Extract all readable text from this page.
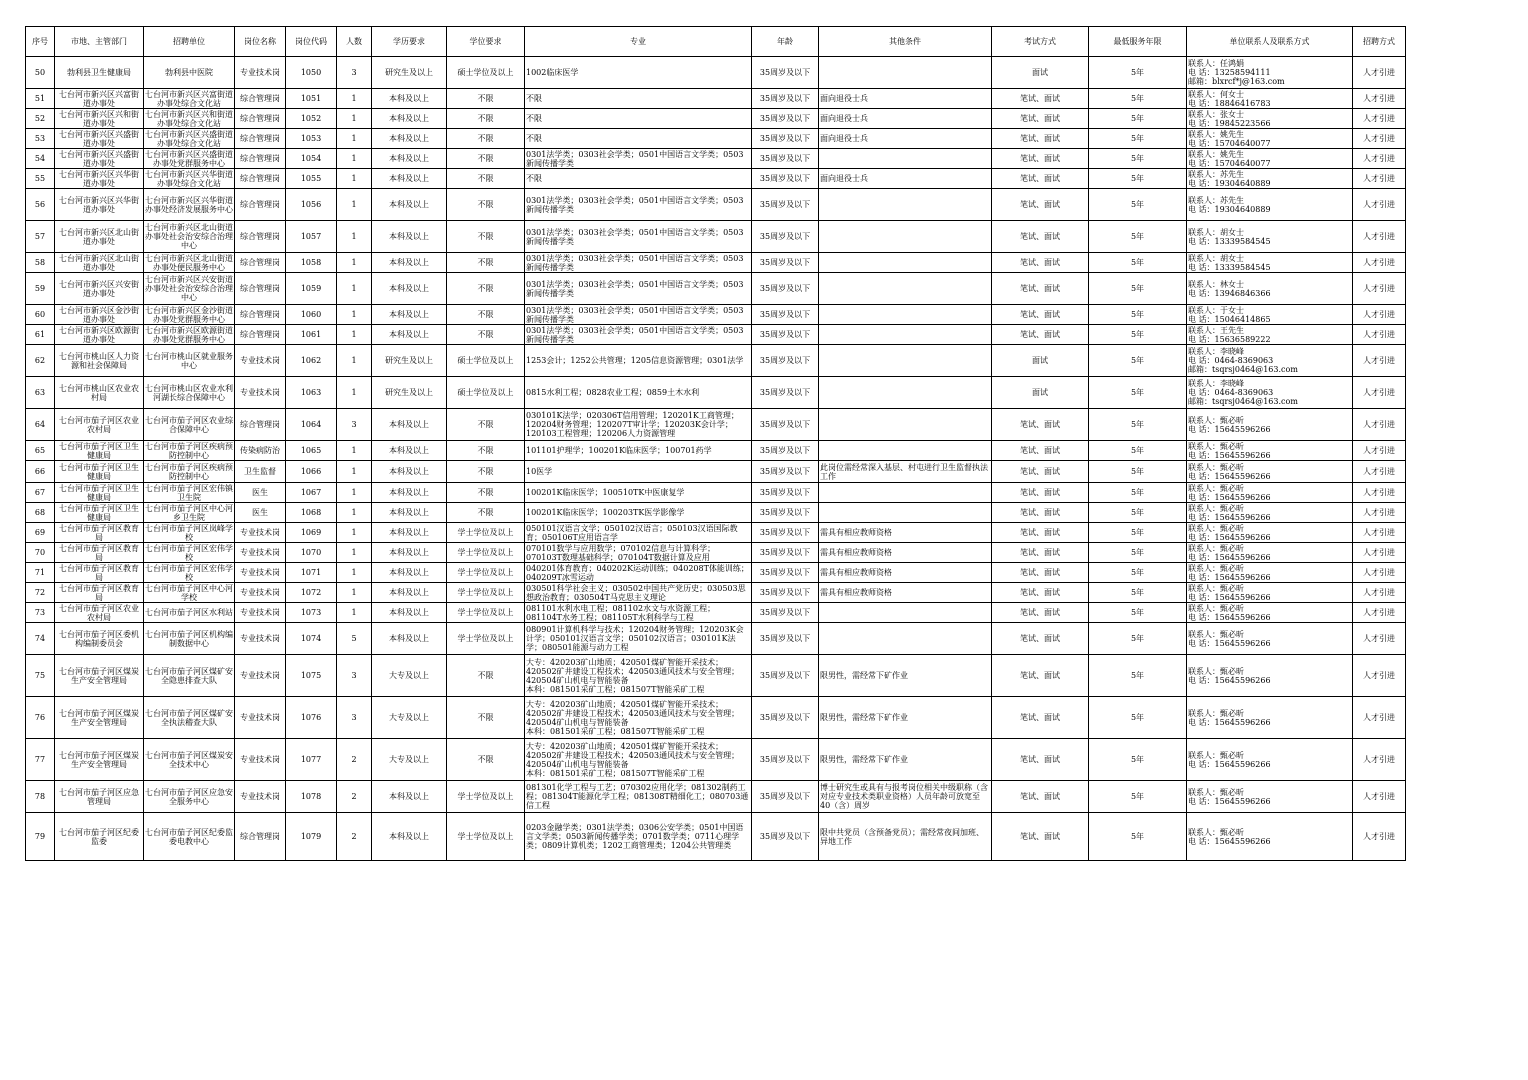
序号	市地、主管部门	招聘单位	岗位名称	岗位代码	人数	学历要求	学位要求	专业	年龄	其他条件	考试方式	最低服务年限	单位联系人及联系方式	招聘方式
50	勃利县卫生健康局	勃利县中医院	专业技术岗	1050	3	研究生及以上	硕士学位及以上	1002临床医学	35周岁及以下		面试	5年	联系人：任鸿娟
电 话：13258594111
邮箱：blxrcf*j@163.com	人才引进
51	七台河市新兴区兴富街道办事处	七台河市新兴区兴富街道办事处综合文化站	综合管理岗	1051	1	本科及以上	不限	不限	35周岁及以下	面向退役士兵	笔试、面试	5年	联系人：何女士
电 话：18846416783	人才引进
52	七台河市新兴区兴和街道办事处	七台河市新兴区兴和街道办事处综合文化站	综合管理岗	1052	1	本科及以上	不限	不限	35周岁及以下	面向退役士兵	笔试、面试	5年	联系人：张女士
电 话：19845223566	人才引进
53	七台河市新兴区兴盛街道办事处	七台河市新兴区兴盛街道办事处综合文化站	综合管理岗	1053	1	本科及以上	不限	不限	35周岁及以下	面向退役士兵	笔试、面试	5年	联系人：姚先生
电 话：15704640077	人才引进
54	七台河市新兴区兴盛街道办事处	七台河市新兴区兴盛街道办事处党群服务中心	综合管理岗	1054	1	本科及以上	不限	0301法学类；0303社会学类；0501中国语言文学类；0503新闻传播学类	35周岁及以下		笔试、面试	5年	联系人：姚先生
电 话：15704640077	人才引进
55	七台河市新兴区兴华街道办事处	七台河市新兴区兴华街道办事处综合文化站	综合管理岗	1055	1	本科及以上	不限	不限	35周岁及以下	面向退役士兵	笔试、面试	5年	联系人：苏先生
电 话：19304640889	人才引进
56	七台河市新兴区兴华街道办事处	七台河市新兴区兴华街道办事处经济发展服务中心	综合管理岗	1056	1	本科及以上	不限	0301法学类；0303社会学类；0501中国语言文学类；0503新闻传播学类	35周岁及以下		笔试、面试	5年	联系人：苏先生
电 话：19304640889	人才引进
57	七台河市新兴区北山街道办事处	七台河市新兴区北山街道办事处社会治安综合治理中心	综合管理岗	1057	1	本科及以上	不限	0301法学类；0303社会学类；0501中国语言文学类；0503新闻传播学类	35周岁及以下		笔试、面试	5年	联系人：胡女士
电 话：13339584545	人才引进
58	七台河市新兴区北山街道办事处	七台河市新兴区北山街道办事处便民服务中心	综合管理岗	1058	1	本科及以上	不限	0301法学类；0303社会学类；0501中国语言文学类；0503新闻传播学类	35周岁及以下		笔试、面试	5年	联系人：胡女士
电 话：13339584545	人才引进
59	七台河市新兴区兴安街道办事处	七台河市新兴区兴安街道办事处社会治安综合治理中心	综合管理岗	1059	1	本科及以上	不限	0301法学类；0303社会学类；0501中国语言文学类；0503新闻传播学类	35周岁及以下		笔试、面试	5年	联系人：林女士
电 话：13946846366	人才引进
60	七台河市新兴区金沙街道办事处	七台河市新兴区金沙街道办事处党群服务中心	综合管理岗	1060	1	本科及以上	不限	0301法学类；0303社会学类；0501中国语言文学类；0503新闻传播学类	35周岁及以下		笔试、面试	5年	联系人：于女士
电 话：15046414865	人才引进
61	七台河市新兴区欧源街道办事处	七台河市新兴区欧源街道办事处党群服务中心	综合管理岗	1061	1	本科及以上	不限	0301法学类；0303社会学类；0501中国语言文学类；0503新闻传播学类	35周岁及以下		笔试、面试	5年	联系人：王先生
电 话：15636589222	人才引进
62	七台河市桃山区人力资源和社会保障局	七台河市桃山区就业服务中心	专业技术岗	1062	1	研究生及以上	硕士学位及以上	1253会计；1252公共管理；1205信息资源管理；0301法学	35周岁及以下		面试	5年	联系人：李晓峰
电 话：0464-8369063
邮箱：tsqrsj0464@163.com	人才引进
63	七台河市桃山区农业农村局	七台河市桃山区农业水利河湖长综合保障中心	专业技术岗	1063	1	研究生及以上	硕士学位及以上	0815水利工程；0828农业工程；0859土木水利	35周岁及以下		面试	5年	联系人：李晓峰
电 话：0464-8369063
邮箱：tsqrsj0464@163.com	人才引进
64	七台河市茄子河区农业农村局	七台河市茄子河区农业综合保障中心	综合管理岗	1064	3	本科及以上	不限	030101K法学；020306T信用管理；120201K工商管理；120204财务管理；120207T审计学；120203K会计学；120103工程管理；120206人力资源管理	35周岁及以下		笔试、面试	5年	联系人：甄必昕
电 话：15645596266	人才引进
65	七台河市茄子河区卫生健康局	七台河市茄子河区疾病预防控制中心	传染病防治	1065	1	本科及以上	不限	101101护理学；100201K临床医学；100701药学	35周岁及以下		笔试、面试	5年	联系人：甄必昕
电 话：15645596266	人才引进
66	七台河市茄子河区卫生健康局	七台河市茄子河区疾病预防控制中心	卫生监督	1066	1	本科及以上	不限	10医学	35周岁及以下	此岗位需经常深入基层、村屯进行卫生监督执法工作	笔试、面试	5年	联系人：甄必昕
电 话：15645596266	人才引进
67	七台河市茄子河区卫生健康局	七台河市茄子河区宏伟镇卫生院	医生	1067	1	本科及以上	不限	100201K临床医学；100510TK中医康复学	35周岁及以下		笔试、面试	5年	联系人：甄必昕
电 话：15645596266	人才引进
68	七台河市茄子河区卫生健康局	七台河市茄子河区中心河乡卫生院	医生	1068	1	本科及以上	不限	100201K临床医学；100203TK医学影像学	35周岁及以下		笔试、面试	5年	联系人：甄必昕
电 话：15645596266	人才引进
69	七台河市茄子河区教育局	七台河市茄子河区岚峰学校	专业技术岗	1069	1	本科及以上	学士学位及以上	050101汉语言文学；050102汉语言；050103汉语国际教育；050106T应用语言学	35周岁及以下	需具有相应教师资格	笔试、面试	5年	联系人：甄必昕
电 话：15645596266	人才引进
70	七台河市茄子河区教育局	七台河市茄子河区宏伟学校	专业技术岗	1070	1	本科及以上	学士学位及以上	070101数学与应用数学；070102信息与计算科学；070103T数理基础科学；070104T数据计算及应用	35周岁及以下	需具有相应教师资格	笔试、面试	5年	联系人：甄必昕
电 话：15645596266	人才引进
71	七台河市茄子河区教育局	七台河市茄子河区宏伟学校	专业技术岗	1071	1	本科及以上	学士学位及以上	040201体育教育；040202K运动训练；040208T体能训练；040209T冰雪运动	35周岁及以下	需具有相应教师资格	笔试、面试	5年	联系人：甄必昕
电 话：15645596266	人才引进
72	七台河市茄子河区教育局	七台河市茄子河区中心河学校	专业技术岗	1072	1	本科及以上	学士学位及以上	030501科学社会主义；030502中国共产党历史；030503思想政治教育；030504T马克思主义理论	35周岁及以下	需具有相应教师资格	笔试、面试	5年	联系人：甄必昕
电 话：15645596266	人才引进
73	七台河市茄子河区农业农村局	七台河市茄子河区水利站	专业技术岗	1073	1	本科及以上	学士学位及以上	081101水利水电工程；081102水文与水资源工程；081104T水务工程；081105T水利科学与工程	35周岁及以下		笔试、面试	5年	联系人：甄必昕
电 话：15645596266	人才引进
74	七台河市茄子河区委机构编制委员会	七台河市茄子河区机构编制数据中心	专业技术岗	1074	5	本科及以上	学士学位及以上	080901计算机科学与技术；120204财务管理；120203K会计学；050101汉语言文学；050102汉语言；030101K法学；080501能源与动力工程	35周岁及以下		笔试、面试	5年	联系人：甄必昕
电 话：15645596266	人才引进
75	七台河市茄子河区煤炭生产安全管理局	七台河市茄子河区煤矿安全隐患排查大队	专业技术岗	1075	3	大专及以上	不限	大专：420203矿山地质；420501煤矿智能开采技术；420502矿井建设工程技术；420503通风技术与安全管理；420504矿山机电与智能装备
本科：081501采矿工程；081507T智能采矿工程	35周岁及以下	限男性，需经常下矿作业	笔试、面试	5年	联系人：甄必昕
电 话：15645596266	人才引进
76	七台河市茄子河区煤炭生产安全管理局	七台河市茄子河区煤矿安全执法稽查大队	专业技术岗	1076	3	大专及以上	不限	大专：420203矿山地质；420501煤矿智能开采技术；420502矿井建设工程技术；420503通风技术与安全管理；420504矿山机电与智能装备
本科：081501采矿工程；081507T智能采矿工程	35周岁及以下	限男性，需经常下矿作业	笔试、面试	5年	联系人：甄必昕
电 话：15645596266	人才引进
77	七台河市茄子河区煤炭生产安全管理局	七台河市茄子河区煤炭安全技术中心	专业技术岗	1077	2	大专及以上	不限	大专：420203矿山地质；420501煤矿智能开采技术；420502矿井建设工程技术；420503通风技术与安全管理；420504矿山机电与智能装备
本科：081501采矿工程；081507T智能采矿工程	35周岁及以下	限男性，需经常下矿作业	笔试、面试	5年	联系人：甄必昕
电 话：15645596266	人才引进
78	七台河市茄子河区应急管理局	七台河市茄子河区应急安全服务中心	专业技术岗	1078	2	本科及以上	学士学位及以上	081301化学工程与工艺；070302应用化学；081302制药工程；081304T能源化学工程；081308T精细化工；080703通信工程	35周岁及以下	博士研究生或具有与报考岗位相关中级职称（含对应专业技术类职业资格）人员年龄可放宽至40（含）周岁	笔试、面试	5年	联系人：甄必昕
电 话：15645596266	人才引进
79	七台河市茄子河区纪委监委	七台河市茄子河区纪委监委电教中心	综合管理岗	1079	2	本科及以上	学士学位及以上	0203金融学类；0301法学类；0306公安学类；0501中国语言文学类；0503新闻传播学类；0701数学类；0711心理学类；0809计算机类；1202工商管理类；1204公共管理类	35周岁及以下	限中共党员（含预备党员）；需经常夜间加班、异地工作	笔试、面试	5年	联系人：甄必昕
电 话：15645596266	人才引进
